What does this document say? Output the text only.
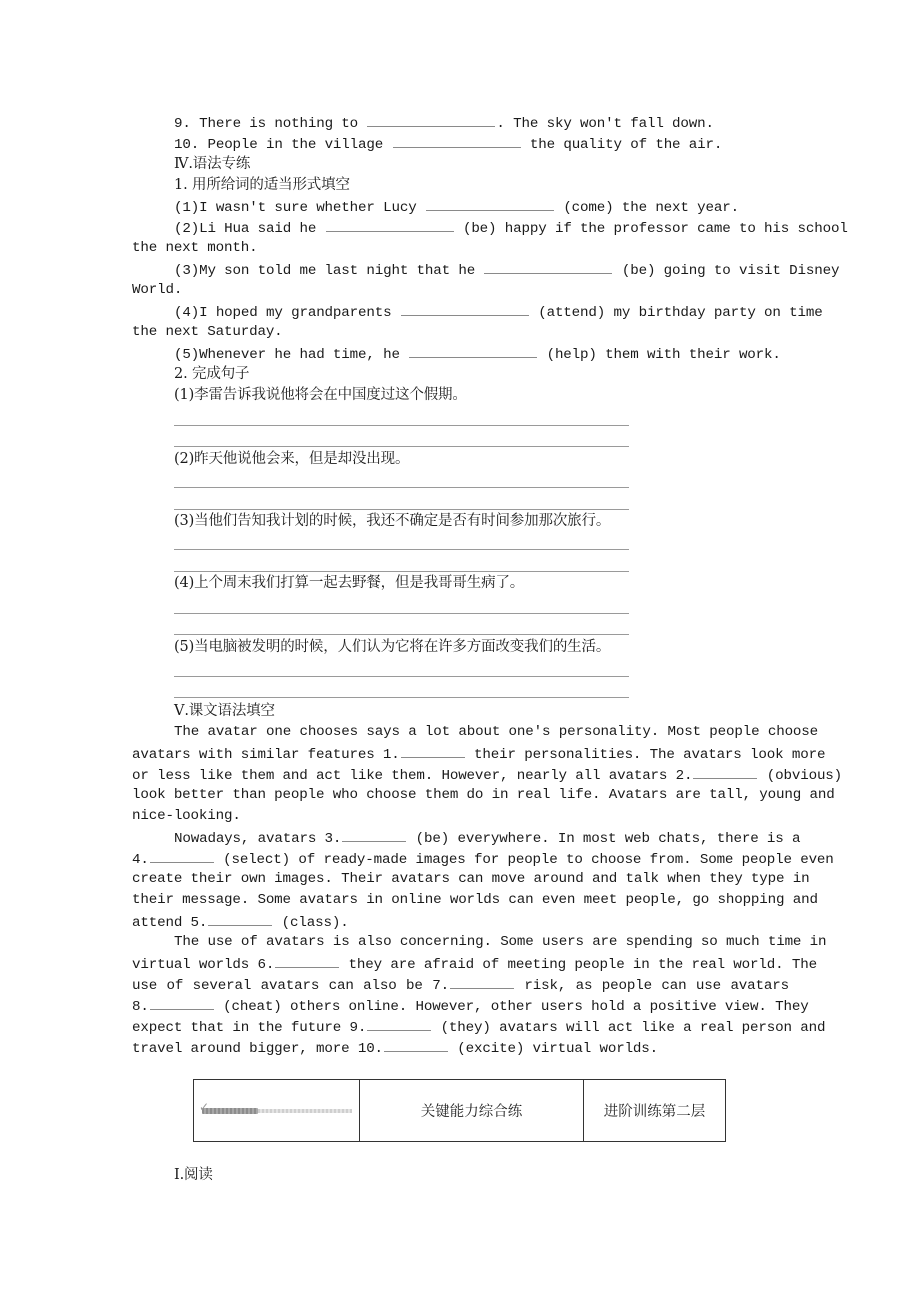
9. There is nothing to	. The sky won't fall down.
10. People in the village	the quality of the air.
Ⅳ.语法专练
1. 用所给词的适当形式填空
(1)I wasn't sure whether Lucy	(come) the next year.
(2)Li Hua said he	(be) happy if the professor came to his school
the next month.
(3)My son told me last night that he	(be) going to visit Disney
World.
(4)I hoped my grandparents	(attend) my birthday party on time
the next Saturday.
(5)Whenever he had time, he	(help) them with their work.
2. 完成句子
(1)李雷告诉我说他将会在中国度过这个假期。
(2)昨天他说他会来，但是却没出现。
(3)当他们告知我计划的时候，我还不确定是否有时间参加那次旅行。
(4)上个周末我们打算一起去野餐，但是我哥哥生病了。
(5)当电脑被发明的时候，人们认为它将在许多方面改变我们的生活。
Ⅴ.课文语法填空
The avatar one chooses says a lot about one's personality. Most people choose
avatars with similar features 1.	their personalities. The avatars look more
or less like them and act like them. However, nearly all avatars 2.	(obvious)
look better than people who choose them do in real life. Avatars are tall, young and
nice-looking.
Nowadays, avatars 3.	(be) everywhere. In most web chats, there is a
4.	(select) of ready-made images for people to choose from. Some people even
create their own images. Their avatars can move around and talk when they type in
their message. Some avatars in online worlds can even meet people, go shopping and
attend 5.	(class).
The use of avatars is also concerning. Some users are spending so much time in
virtual worlds 6.	they are afraid of meeting people in the real world. The
use of several avatars can also be 7.	risk, as people can use avatars
8.	(cheat) others online. However, other users hold a positive view. They
expect that in the future 9.	(they) avatars will act like a real person and
travel around bigger, more 10.	(excite) virtual worlds.
✓	关键能力综合练	进阶训练第二层
Ⅰ.阅读
